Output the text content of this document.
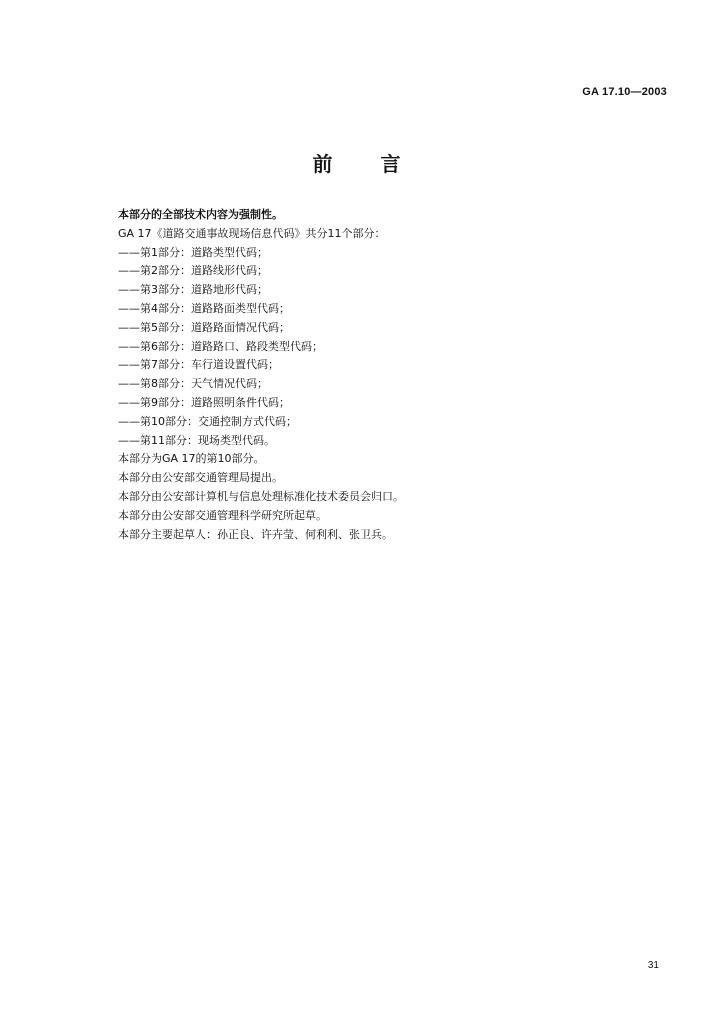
GA 17.10—2003
前言
本部分的全部技术内容为强制性。
GA 17《道路交通事故现场信息代码》共分11个部分：
——第1部分：道路类型代码；
——第2部分：道路线形代码；
——第3部分：道路地形代码；
——第4部分：道路路面类型代码；
——第5部分：道路路面情况代码；
——第6部分：道路路口、路段类型代码；
——第7部分：车行道设置代码；
——第8部分：天气情况代码；
——第9部分：道路照明条件代码；
——第10部分：交通控制方式代码；
——第11部分：现场类型代码。
本部分为GA 17的第10部分。
本部分由公安部交通管理局提出。
本部分由公安部计算机与信息处理标准化技术委员会归口。
本部分由公安部交通管理科学研究所起草。
本部分主要起草人：孙正良、许卉莹、何利利、张卫兵。
31
